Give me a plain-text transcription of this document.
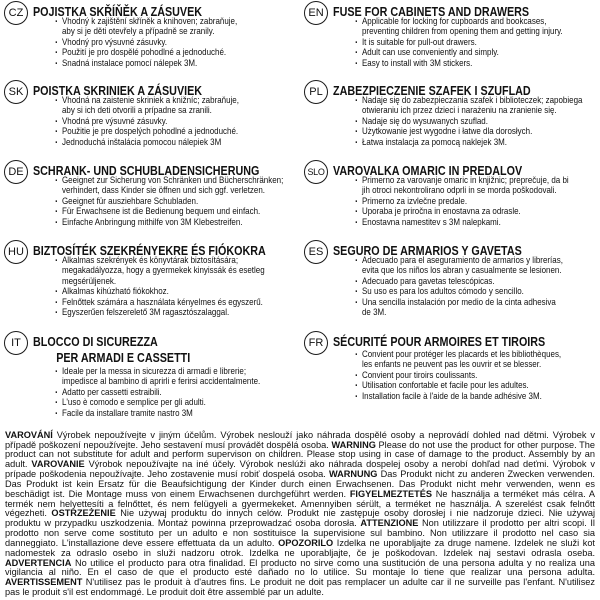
CZ POJISTKA SKŘÍŇĚK A ZÁSUVEK
· Vhodný k zajištění skříněk a knihoven; zabraňuje,
aby si je děti otevřely a případně se zranily.
· Vhodný pro výsuvné zásuvky.
· Použití je pro dospělé pohodlné a jednoduché.
· Snadná instalace pomocí nálepek 3M.
SK POISTKA SKRINIEK A ZÁSUVIEK
· Vhodná na zaistenie skriniek a knižníc; zabraňuje,
aby si ich deti otvorili a prípadne sa zranili.
· Vhodná pre výsuvné zásuvky.
· Použitie je pre dospelých pohodlné a jednoduché.
· Jednoduchá inštalácia pomocou nálepiek 3M
DE SCHRANK- UND SCHUBLADENSICHERUNG
· Geeignet zur Sicherung von Schränken und Bücherschränken;
verhindert, dass Kinder sie öffnen und sich ggf. verletzen.
· Geeignet für ausziehbare Schubladen.
· Für Erwachsene ist die Bedienung bequem und einfach.
· Einfache Anbringung mithilfe von 3M Klebestreifen.
HU BIZTOSÍTÉK SZEKRÉNYEKRE ÉS FIÓKOKRA
· Alkalmas szekrények és könyvtárak biztosítására;
megakadályozza, hogy a gyermekek kinyissák és esetleg
megsérüljenek.
· Alkalmas kihúzható fiókokhoz.
· Felnőttek számára a használata kényelmes és egyszerű.
· Egyszerűen felszerelető 3M ragasztószalaggal.
IT BLOCCO DI SICUREZZA
PER ARMADI E CASSETTI
· Ideale per la messa in sicurezza di armadi e librerie;
impedisce al bambino di aprirli e ferirsi accidentalmente.
· Adatto per cassetti estraibili.
· L'uso è comodo e semplice per gli adulti.
· Facile da installare tramite nastro 3M
EN FUSE FOR CABINETS AND DRAWERS
· Applicable for locking for cupboards and bookcases,
preventing children from opening them and getting injury.
· It is suitable for pull-out drawers.
· Adult can use conveniently and simply.
· Easy to install with 3M stickers.
PL ZABEZPIECZENIE SZAFEK I SZUFLAD
· Nadaje się do zabezpieczania szafek i biblioteczek; zapobiega
otwieraniu ich przez dzieci i narażeniu na zranienie się.
· Nadaje się do wysuwanych szuflad.
· Użytkowanie jest wygodne i łatwe dla dorosłych.
· Łatwa instalacja za pomocą naklejek 3M.
SLO VAROVALKA OMARIC IN PREDALOV
· Primerno za varovanje omaric in knjižnic; preprečuje, da bi
jih otroci nekontrolirano odprli in se morda poškodovali.
· Primerno za izvlečne predale.
· Uporaba je priročna in enostavna za odrasle.
· Enostavna namestitev s 3M nalepkami.
ES SEGURO DE ARMARIOS Y GAVETAS
· Adecuado para el aseguramiento de armarios y librerías,
evita que los niños los abran y casualmente se lesionen.
· Adecuado para gavetas telescópicas.
· Su uso es para los adultos cómodo y sencillo.
· Una sencilla instalación por medio de la cinta adhesiva
de 3M.
FR SÉCURITÉ POUR ARMOIRES ET TIROIRS
· Convient pour protéger les placards et les bibliothèques,
les enfants ne peuvent pas les ouvrir et se blesser.
· Convient pour tiroirs coulissants.
· Utilisation confortable et facile pour les adultes.
· Installation facile à l'aide de la bande adhésive 3M.

VAROVÁNÍ Výrobek nepoužívejte v jiným účelům. Výrobek neslouží jako náhrada dospělé osoby a neprovádí dohled nad dětmi. Výrobek v případě poškození nepoužívejte. Jeho sestavení musí provádět dospělá osoba. WARNING Please do not use the product for other purpose. The product can not substitute for adult and perform supervison on children. Please stop using in case of damage to the product. Assembly by an adult. VAROVANIE Výrobok nepoužívajte na iné účely. Výrobok neslúži ako náhrada dospelej osoby a nerobí dohľad nad deťmi. Výrobok v prípade poškodenia nepoužívajte. Jeho zostavenie musí robiť dospelá osoba. WARNUNG Das Produkt nicht zu anderen Zwecken verwenden. Das Produkt ist kein Ersatz für die Beaufsichtigung der Kinder durch einen Erwachsenen. Das Produkt nicht mehr verwenden, wenn es beschädigt ist. Die Montage muss von einem Erwachsenen durchgeführt werden. FIGYELMEZTETÉS Ne használja a terméket más célra. A termék nem helyettesíti a felnőttet, és nem felügyeli a gyermekeket. Amennyiben sérült, a terméket ne használja. A szerelést csak felnőtt végezheti. OSTRZEŻENIE Nie używaj produktu do innych celów. Produkt nie zastępuje osoby dorosłej i nie nadzoruje dzieci. Nie używaj produktu w przypadku uszkodzenia. Montaż powinna przeprowadzać osoba dorosła. ATTENZIONE Non utilizzare il prodotto per altri scopi. Il prodotto non serve come sostituto per un adulto e non sostituisce la supervisione sul bambino. Non utilizzare il prodotto nel caso sia danneggiato. L'installazione deve essere effettuata da un adulto. OPOZORILO Izdelka ne uporabljajte za druge namene. Izdelek ne služi kot nadomestek za odraslo osebo in služi nadzoru otrok. Izdelka ne uporabljajte, če je poškodovan. Izdelek naj sestavi odrasla oseba. ADVERTENCIA No utilice el producto para otra finalidad. El producto no sirve como una sustitución de una persona adulta y no realiza una vigilancia al niño. En el caso de que el producto esté dañado no lo utilice. Su montaje lo tiene que realizar una persona adulta. AVERTISSEMENT N'utilisez pas le produit à d'autres fins. Le produit ne doit pas remplacer un adulte car il ne surveille pas l'enfant. N'utilisez pas le produit s'il est endommagé. Le produit doit être assemblé par un adulte.
